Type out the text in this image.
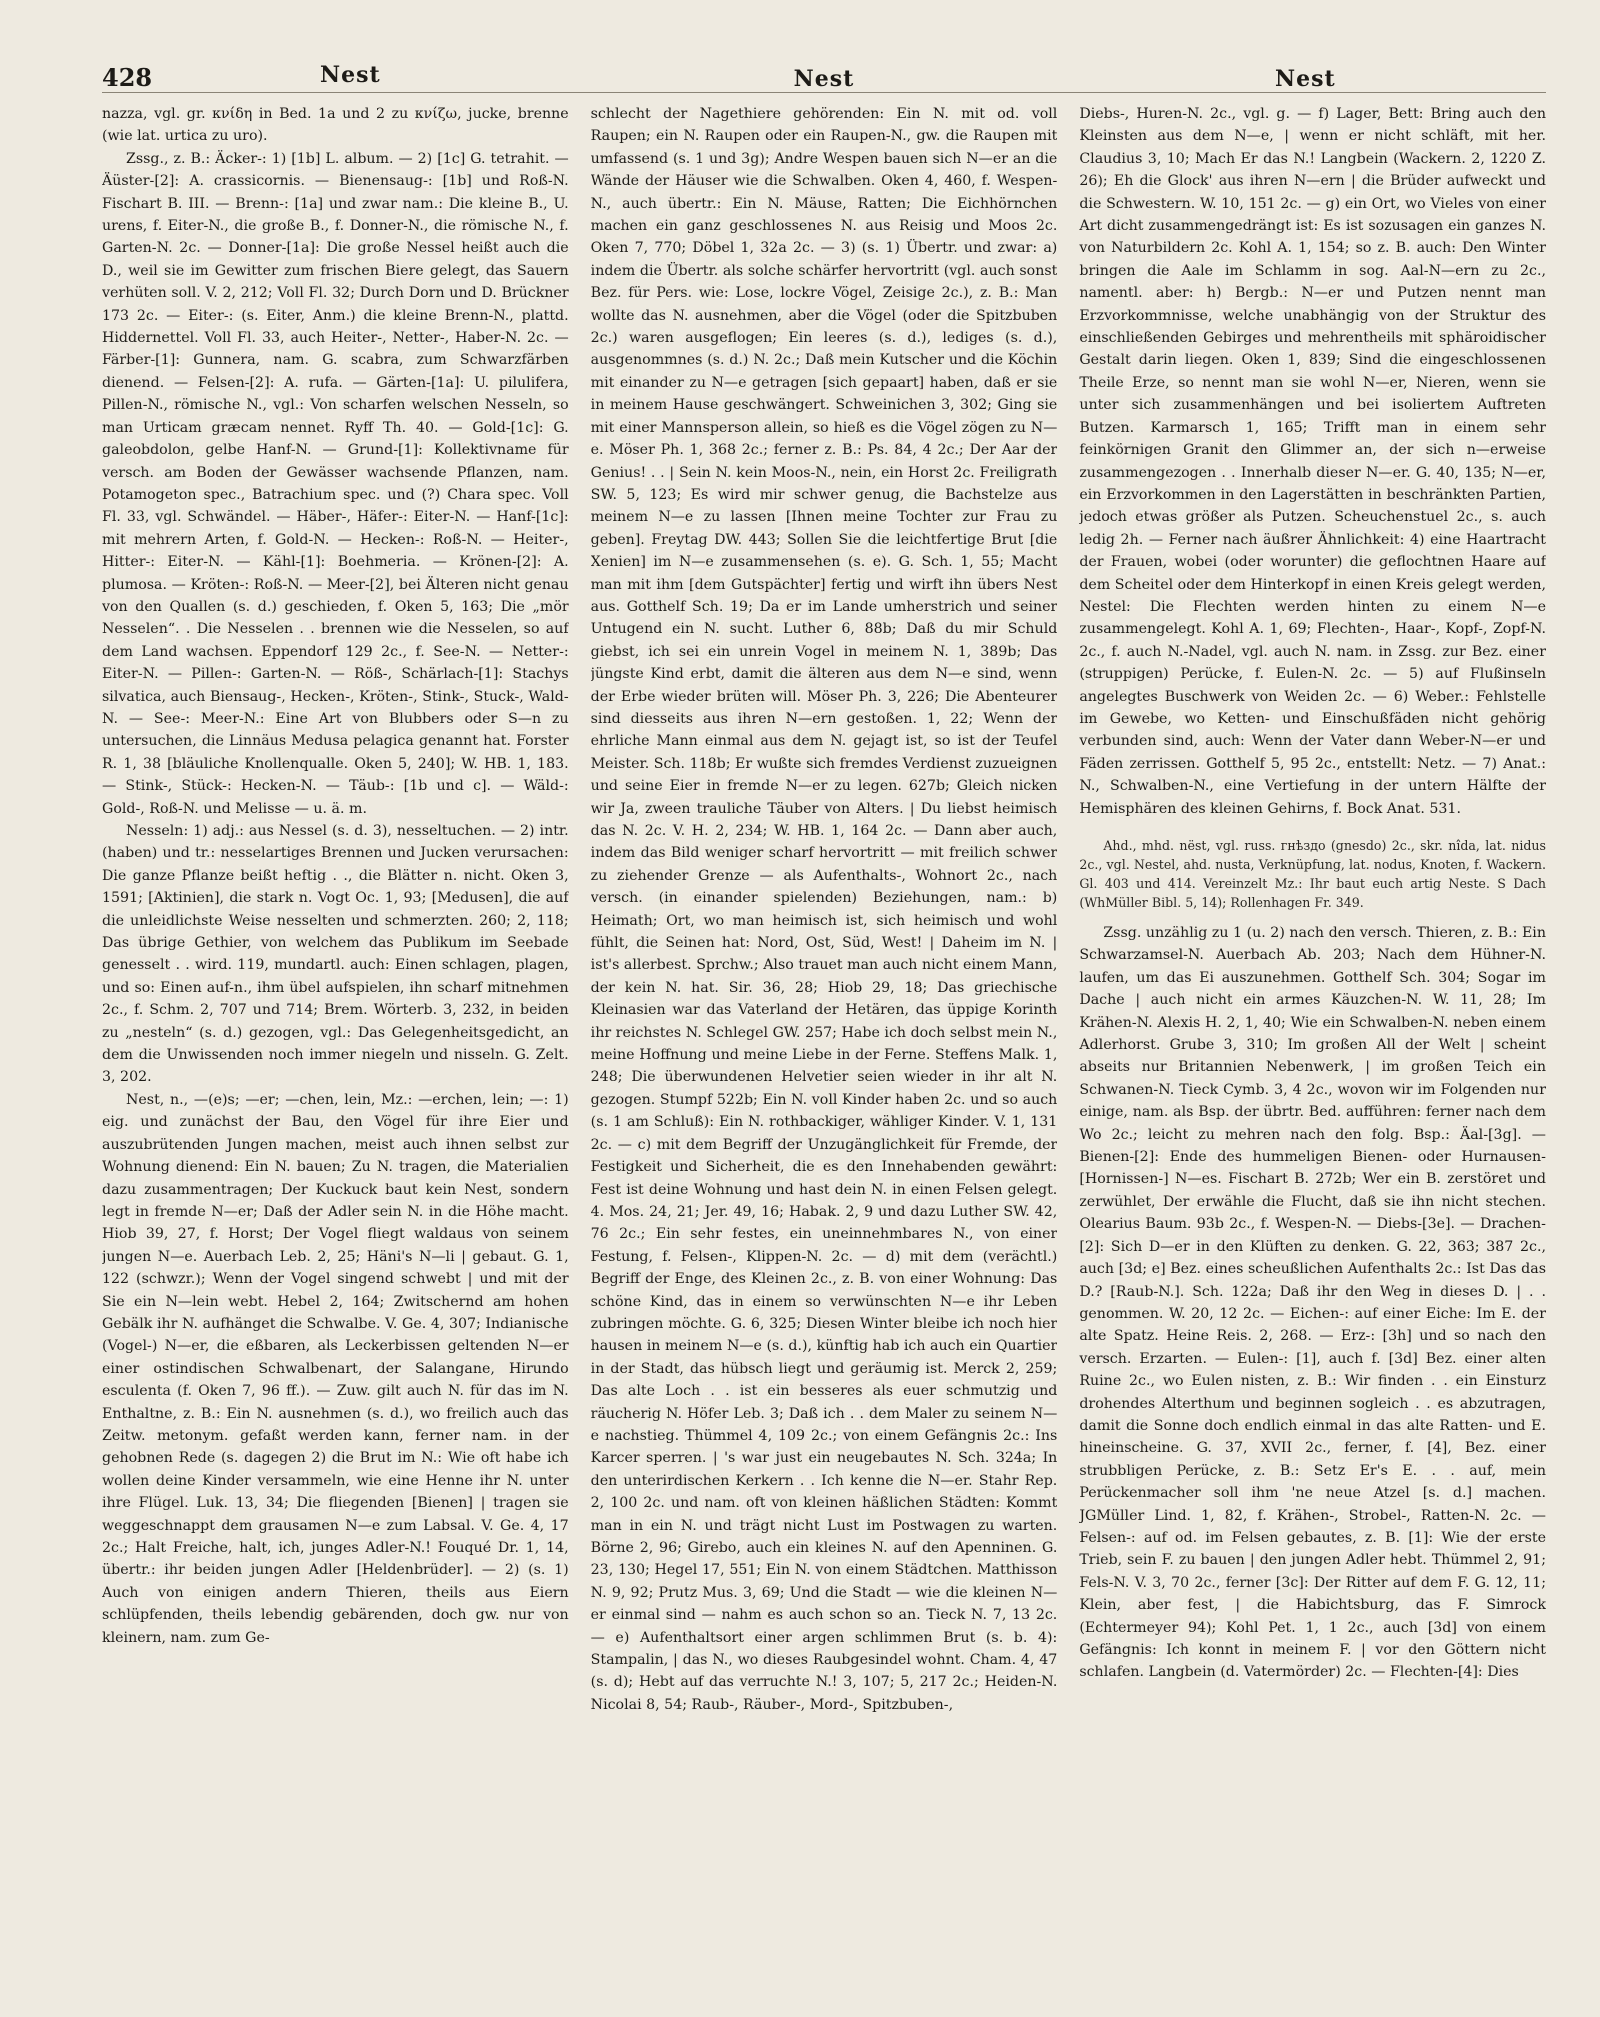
428	Nest	Nest
Nest

nazza, vgl. gr. κνίδη in Bed. 1a und 2 zu κνίζω, jucke, brenne (wie lat. urtica zu uro).

Zssg., z. B.: Äcker-: 1) [1b] L. album. — 2) [1c] G. tetrahit. — Äüster-[2]: A. crassicornis. — Bienensaug-: [1b] und Roß-N. Fischart B. III. — Brenn-: [1a] und zwar nam.: Die kleine B., U. urens, f. Eiter-N., die große B., f. Donner-N., die römische N., f. Garten-N. 2c. — Donner-[1a]: Die große Nessel heißt auch die D., weil sie im Gewitter zum frischen Biere gelegt, das Sauern verhüten soll. V. 2, 212; Voll Fl. 32; Durch Dorn und D. Brückner 173 2c. — Eiter-: (s. Eiter, Anm.) die kleine Brenn-N., plattd. Hiddernettel. Voll Fl. 33, auch Heiter-, Netter-, Haber-N. 2c. — Färber-[1]: Gunnera, nam. G. scabra, zum Schwarzfärben dienend. — Felsen-[2]: A. rufa. — Gärten-[1a]: U. pilulifera, Pillen-N., römische N., vgl.: Von scharfen welschen Nesseln, so man Urticam græcam nennet. Ryff Th. 40. — Gold-[1c]: G. galeobdolon, gelbe Hanf-N. — Grund-[1]: Kollektivname für versch. am Boden der Gewässer wachsende Pflanzen, nam. Potamogeton spec., Batrachium spec. und (?) Chara spec. Voll Fl. 33, vgl. Schwändel. — Häber-, Häfer-: Eiter-N. — Hanf-[1c]: mit mehrern Arten, f. Gold-N. — Hecken-: Roß-N. — Heiter-, Hitter-: Eiter-N. — Kähl-[1]: Boehmeria. — Krönen-[2]: A. plumosa. — Kröten-: Roß-N. — Meer-[2], bei Älteren nicht genau von den Quallen (s. d.) geschieden, f. Oken 5, 163; Die „mör Nesselen“. . Die Nesselen . . brennen wie die Nesselen, so auf dem Land wachsen. Eppendorf 129 2c., f. See-N. — Netter-: Eiter-N. — Pillen-: Garten-N. — Röß-, Schärlach-[1]: Stachys silvatica, auch Biensaug-, Hecken-, Kröten-, Stink-, Stuck-, Wald-N. — See-: Meer-N.: Eine Art von Blubbers oder S—n zu untersuchen, die Linnäus Medusa pelagica genannt hat. Forster R. 1, 38 [bläuliche Knollenqualle. Oken 5, 240]; W. HB. 1, 183. — Stink-, Stück-: Hecken-N. — Täub-: [1b und c]. — Wäld-: Gold-, Roß-N. und Melisse — u. ä. m.

Nesseln: 1) adj.: aus Nessel (s. d. 3), nesseltuchen. — 2) intr. (haben) und tr.: nesselartiges Brennen und Jucken verursachen: Die ganze Pflanze beißt heftig . ., die Blätter n. nicht. Oken 3, 1591; [Aktinien], die stark n. Vogt Oc. 1, 93; [Medusen], die auf die unleidlichste Weise nesselten und schmerzten. 260; 2, 118; Das übrige Gethier, von welchem das Publikum im Seebade genesselt . . wird. 119, mundartl. auch: Einen schlagen, plagen, und so: Einen auf-n., ihm übel aufspielen, ihn scharf mitnehmen 2c., f. Schm. 2, 707 und 714; Brem. Wörterb. 3, 232, in beiden zu „nesteln“ (s. d.) gezogen, vgl.: Das Gelegenheitsgedicht, an dem die Unwissenden noch immer niegeln und nisseln. G. Zelt. 3, 202.

Nest, n., —(e)s; —er; —chen, lein, Mz.: —erchen, lein; —: 1) eig. und zunächst der Bau, den Vögel für ihre Eier und auszubrütenden Jungen machen, meist auch ihnen selbst zur Wohnung dienend: Ein N. bauen; Zu N. tragen, die Materialien dazu zusammentragen; Der Kuckuck baut kein Nest, sondern legt in fremde N—er; Daß der Adler sein N. in die Höhe macht. Hiob 39, 27, f. Horst; Der Vogel fliegt waldaus von seinem jungen N—e. Auerbach Leb. 2, 25; Häni's N—li | gebaut. G. 1, 122 (schwzr.); Wenn der Vogel singend schwebt | und mit der Sie ein N—lein webt. Hebel 2, 164; Zwitschernd am hohen Gebälk ihr N. aufhänget die Schwalbe. V. Ge. 4, 307; Indianische (Vogel-) N—er, die eßbaren, als Leckerbissen geltenden N—er einer ostindischen Schwalbenart, der Salangane, Hirundo esculenta (f. Oken 7, 96 ff.). — Zuw. gilt auch N. für das im N. Enthaltne, z. B.: Ein N. ausnehmen (s. d.), wo freilich auch das Zeitw. metonym. gefaßt werden kann, ferner nam. in der gehobnen Rede (s. dagegen 2) die Brut im N.: Wie oft habe ich wollen deine Kinder versammeln, wie eine Henne ihr N. unter ihre Flügel. Luk. 13, 34; Die fliegenden [Bienen] | tragen sie weggeschnappt dem grausamen N—e zum Labsal. V. Ge. 4, 17 2c.; Halt Freiche, halt, ich, junges Adler-N.! Fouqué Dr. 1, 14, übertr.: ihr beiden jungen Adler [Heldenbrüder]. — 2) (s. 1) Auch von einigen andern Thieren, theils aus Eiern schlüpfenden, theils lebendig gebärenden, doch gw. nur von kleinern, nam. zum Ge-

schlecht der Nagethiere gehörenden: Ein N. mit od. voll Raupen; ein N. Raupen oder ein Raupen-N., gw. die Raupen mit umfassend (s. 1 und 3g); Andre Wespen bauen sich N—er an die Wände der Häuser wie die Schwalben. Oken 4, 460, f. Wespen-N., auch übertr.: Ein N. Mäuse, Ratten; Die Eichhörnchen machen ein ganz geschlossenes N. aus Reisig und Moos 2c. Oken 7, 770; Döbel 1, 32a 2c. — 3) (s. 1) Übertr. und zwar: a) indem die Übertr. als solche schärfer hervortritt (vgl. auch sonst Bez. für Pers. wie: Lose, lockre Vögel, Zeisige 2c.), z. B.: Man wollte das N. ausnehmen, aber die Vögel (oder die Spitzbuben 2c.) waren ausgeflogen; Ein leeres (s. d.), lediges (s. d.), ausgenommnes (s. d.) N. 2c.; Daß mein Kutscher und die Köchin mit einander zu N—e getragen [sich gepaart] haben, daß er sie in meinem Hause geschwängert. Schweinichen 3, 302; Ging sie mit einer Mannsperson allein, so hieß es die Vögel zögen zu N—e. Möser Ph. 1, 368 2c.; ferner z. B.: Ps. 84, 4 2c.; Der Aar der Genius! . . | Sein N. kein Moos-N., nein, ein Horst 2c. Freiligrath SW. 5, 123; Es wird mir schwer genug, die Bachstelze aus meinem N—e zu lassen [Ihnen meine Tochter zur Frau zu geben]. Freytag DW. 443; Sollen Sie die leichtfertige Brut [die Xenien] im N—e zusammensehen (s. e). G. Sch. 1, 55; Macht man mit ihm [dem Gutspächter] fertig und wirft ihn übers Nest aus. Gotthelf Sch. 19; Da er im Lande umherstrich und seiner Untugend ein N. sucht. Luther 6, 88b; Daß du mir Schuld giebst, ich sei ein unrein Vogel in meinem N. 1, 389b; Das jüngste Kind erbt, damit die älteren aus dem N—e sind, wenn der Erbe wieder brüten will. Möser Ph. 3, 226; Die Abenteurer sind diesseits aus ihren N—ern gestoßen. 1, 22; Wenn der ehrliche Mann einmal aus dem N. gejagt ist, so ist der Teufel Meister. Sch. 118b; Er wußte sich fremdes Verdienst zuzueignen und seine Eier in fremde N—er zu legen. 627b; Gleich nicken wir Ja, zween trauliche Täuber von Alters. | Du liebst heimisch das N. 2c. V. H. 2, 234; W. HB. 1, 164 2c. — Dann aber auch, indem das Bild weniger scharf hervortritt — mit freilich schwer zu ziehender Grenze — als Aufenthalts-, Wohnort 2c., nach versch. (in einander spielenden) Beziehungen, nam.: b) Heimath; Ort, wo man heimisch ist, sich heimisch und wohl fühlt, die Seinen hat: Nord, Ost, Süd, West! | Daheim im N. | ist's allerbest. Sprchw.; Also trauet man auch nicht einem Mann, der kein N. hat. Sir. 36, 28; Hiob 29, 18; Das griechische Kleinasien war das Vaterland der Hetären, das üppige Korinth ihr reichstes N. Schlegel GW. 257; Habe ich doch selbst mein N., meine Hoffnung und meine Liebe in der Ferne. Steffens Malk. 1, 248; Die überwundenen Helvetier seien wieder in ihr alt N. gezogen. Stumpf 522b; Ein N. voll Kinder haben 2c. und so auch (s. 1 am Schluß): Ein N. rothbackiger, wähliger Kinder. V. 1, 131 2c. — c) mit dem Begriff der Unzugänglichkeit für Fremde, der Festigkeit und Sicherheit, die es den Innehabenden gewährt: Fest ist deine Wohnung und hast dein N. in einen Felsen gelegt. 4. Mos. 24, 21; Jer. 49, 16; Habak. 2, 9 und dazu Luther SW. 42, 76 2c.; Ein sehr festes, ein uneinnehmbares N., von einer Festung, f. Felsen-, Klippen-N. 2c. — d) mit dem (verächtl.) Begriff der Enge, des Kleinen 2c., z. B. von einer Wohnung: Das schöne Kind, das in einem so verwünschten N—e ihr Leben zubringen möchte. G. 6, 325; Diesen Winter bleibe ich noch hier hausen in meinem N—e (s. d.), künftig hab ich auch ein Quartier in der Stadt, das hübsch liegt und geräumig ist. Merck 2, 259; Das alte Loch . . ist ein besseres als euer schmutzig und räucherig N. Höfer Leb. 3; Daß ich . . dem Maler zu seinem N—e nachstieg. Thümmel 4, 109 2c.; von einem Gefängnis 2c.: Ins Karcer sperren. | 's war just ein neugebautes N. Sch. 324a; In den unterirdischen Kerkern . . Ich kenne die N—er. Stahr Rep. 2, 100 2c. und nam. oft von kleinen häßlichen Städten: Kommt man in ein N. und trägt nicht Lust im Postwagen zu warten. Börne 2, 96; Girebo, auch ein kleines N. auf den Apenninen. G. 23, 130; Hegel 17, 551; Ein N. von einem Städtchen. Matthisson N. 9, 92; Prutz Mus. 3, 69; Und die Stadt — wie die kleinen N—er einmal sind — nahm es auch schon so an. Tieck N. 7, 13 2c. — e) Aufenthaltsort einer argen schlimmen Brut (s. b. 4): Stampalin, | das N., wo dieses Raubgesindel wohnt. Cham. 4, 47 (s. d); Hebt auf das verruchte N.! 3, 107; 5, 217 2c.; Heiden-N. Nicolai 8, 54; Raub-, Räuber-, Mord-, Spitzbuben-,

Diebs-, Huren-N. 2c., vgl. g. — f) Lager, Bett: Bring auch den Kleinsten aus dem N—e, | wenn er nicht schläft, mit her. Claudius 3, 10; Mach Er das N.! Langbein (Wackern. 2, 1220 Z. 26); Eh die Glock' aus ihren N—ern | die Brüder aufweckt und die Schwestern. W. 10, 151 2c. — g) ein Ort, wo Vieles von einer Art dicht zusammengedrängt ist: Es ist sozusagen ein ganzes N. von Naturbildern 2c. Kohl A. 1, 154; so z. B. auch: Den Winter bringen die Aale im Schlamm in sog. Aal-N—ern zu 2c., namentl. aber: h) Bergb.: N—er und Putzen nennt man Erzvorkommnisse, welche unabhängig von der Struktur des einschließenden Gebirges und mehrentheils mit sphäroidischer Gestalt darin liegen. Oken 1, 839; Sind die eingeschlossenen Theile Erze, so nennt man sie wohl N—er, Nieren, wenn sie unter sich zusammenhängen und bei isoliertem Auftreten Butzen. Karmarsch 1, 165; Trifft man in einem sehr feinkörnigen Granit den Glimmer an, der sich n—erweise zusammengezogen . . Innerhalb dieser N—er. G. 40, 135; N—er, ein Erzvorkommen in den Lagerstätten in beschränkten Partien, jedoch etwas größer als Putzen. Scheuchenstuel 2c., s. auch ledig 2h. — Ferner nach äußrer Ähnlichkeit: 4) eine Haartracht der Frauen, wobei (oder worunter) die geflochtnen Haare auf dem Scheitel oder dem Hinterkopf in einen Kreis gelegt werden, Nestel: Die Flechten werden hinten zu einem N—e zusammengelegt. Kohl A. 1, 69; Flechten-, Haar-, Kopf-, Zopf-N. 2c., f. auch N.-Nadel, vgl. auch N. nam. in Zssg. zur Bez. einer (struppigen) Perücke, f. Eulen-N. 2c. — 5) auf Flußinseln angelegtes Buschwerk von Weiden 2c. — 6) Weber.: Fehlstelle im Gewebe, wo Ketten- und Einschußfäden nicht gehörig verbunden sind, auch: Wenn der Vater dann Weber-N—er und Fäden zerrissen. Gotthelf 5, 95 2c., entstellt: Netz. — 7) Anat.: N., Schwalben-N., eine Vertiefung in der untern Hälfte der Hemisphären des kleinen Gehirns, f. Bock Anat. 531.

Ahd., mhd. nëst, vgl. russ. гнѣздо (gnesdo) 2c., skr. nîda, lat. nidus 2c., vgl. Nestel, ahd. nusta, Verknüpfung, lat. nodus, Knoten, f. Wackern. Gl. 403 und 414. Vereinzelt Mz.: Ihr baut euch artig Neste. S Dach (WhMüller Bibl. 5, 14); Rollenhagen Fr. 349.

Zssg. unzählig zu 1 (u. 2) nach den versch. Thieren, z. B.: Ein Schwarzamsel-N. Auerbach Ab. 203; Nach dem Hühner-N. laufen, um das Ei auszunehmen. Gotthelf Sch. 304; Sogar im Dache | auch nicht ein armes Käuzchen-N. W. 11, 28; Im Krähen-N. Alexis H. 2, 1, 40; Wie ein Schwalben-N. neben einem Adlerhorst. Grube 3, 310; Im großen All der Welt | scheint abseits nur Britannien Nebenwerk, | im großen Teich ein Schwanen-N. Tieck Cymb. 3, 4 2c., wovon wir im Folgenden nur einige, nam. als Bsp. der übrtr. Bed. aufführen: ferner nach dem Wo 2c.; leicht zu mehren nach den folg. Bsp.: Äal-[3g]. — Bienen-[2]: Ende des hummeligen Bienen- oder Hurnausen- [Hornissen-] N—es. Fischart B. 272b; Wer ein B. zerstöret und zerwühlet, Der erwähle die Flucht, daß sie ihn nicht stechen. Olearius Baum. 93b 2c., f. Wespen-N. — Diebs-[3e]. — Drachen-[2]: Sich D—er in den Klüften zu denken. G. 22, 363; 387 2c., auch [3d; e] Bez. eines scheußlichen Aufenthalts 2c.: Ist Das das D.? [Raub-N.]. Sch. 122a; Daß ihr den Weg in dieses D. | . . genommen. W. 20, 12 2c. — Eichen-: auf einer Eiche: Im E. der alte Spatz. Heine Reis. 2, 268. — Erz-: [3h] und so nach den versch. Erzarten. — Eulen-: [1], auch f. [3d] Bez. einer alten Ruine 2c., wo Eulen nisten, z. B.: Wir finden . . ein Einsturz drohendes Alterthum und beginnen sogleich . . es abzutragen, damit die Sonne doch endlich einmal in das alte Ratten- und E. hineinscheine. G. 37, XVII 2c., ferner, f. [4], Bez. einer strubbligen Perücke, z. B.: Setz Er's E. . . auf, mein Perückenmacher soll ihm 'ne neue Atzel [s. d.] machen. JGMüller Lind. 1, 82, f. Krähen-, Strobel-, Ratten-N. 2c. — Felsen-: auf od. im Felsen gebautes, z. B. [1]: Wie der erste Trieb, sein F. zu bauen | den jungen Adler hebt. Thümmel 2, 91; Fels-N. V. 3, 70 2c., ferner [3c]: Der Ritter auf dem F. G. 12, 11; Klein, aber fest, | die Habichtsburg, das F. Simrock (Echtermeyer 94); Kohl Pet. 1, 1 2c., auch [3d] von einem Gefängnis: Ich konnt in meinem F. | vor den Göttern nicht schlafen. Langbein (d. Vatermörder) 2c. — Flechten-[4]: Dies
